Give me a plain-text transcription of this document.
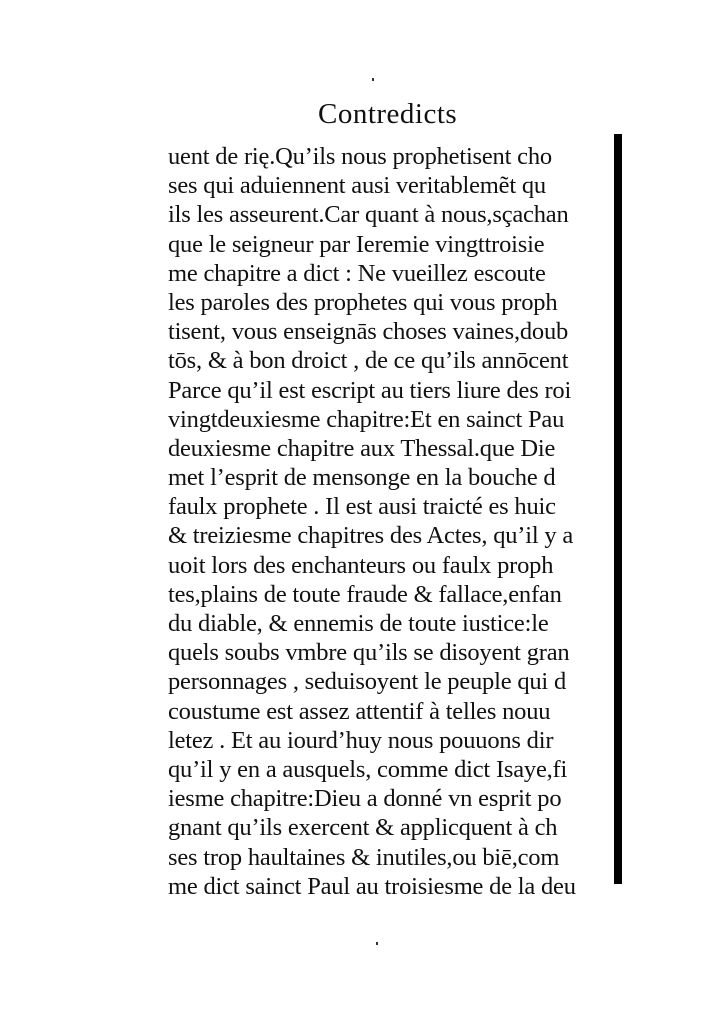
Contredicts
uent de rię.Qu’ils nous prophetisent cho
ses qui aduiennent ausi veritablemẽt qu
ils les asseurent.Car quant à nous,sçachan
que le seigneur par Ieremie vingttroisie
me chapitre a dict : Ne vueillez escoute
les paroles des prophetes qui vous proph
tisent, vous enseignās choses vaines,doub
tōs, & à bon droict , de ce qu’ils annōcent
Parce qu’il est escript au tiers liure des roi
vingtdeuxiesme chapitre:Et en sainct Pau
deuxiesme chapitre aux Thessal.que Die
met l’esprit de mensonge en la bouche d
faulx prophete . Il est ausi traicté es huic
& treiziesme chapitres des Actes, qu’il y a
uoit lors des enchanteurs ou faulx proph
tes,plains de toute fraude & fallace,enfan
du diable, & ennemis de toute iustice:le
quels soubs vmbre qu’ils se disoyent gran
personnages , seduisoyent le peuple qui d
coustume est assez attentif à telles nouu
letez . Et au iourd’huy nous pouuons dir
qu’il y en a ausquels, comme dict Isaye,fi
iesme chapitre:Dieu a donné vn esprit po
gnant qu’ils exercent & applicquent à ch
ses trop haultaines & inutiles,ou biē,com
me dict sainct Paul au troisiesme de la deu
